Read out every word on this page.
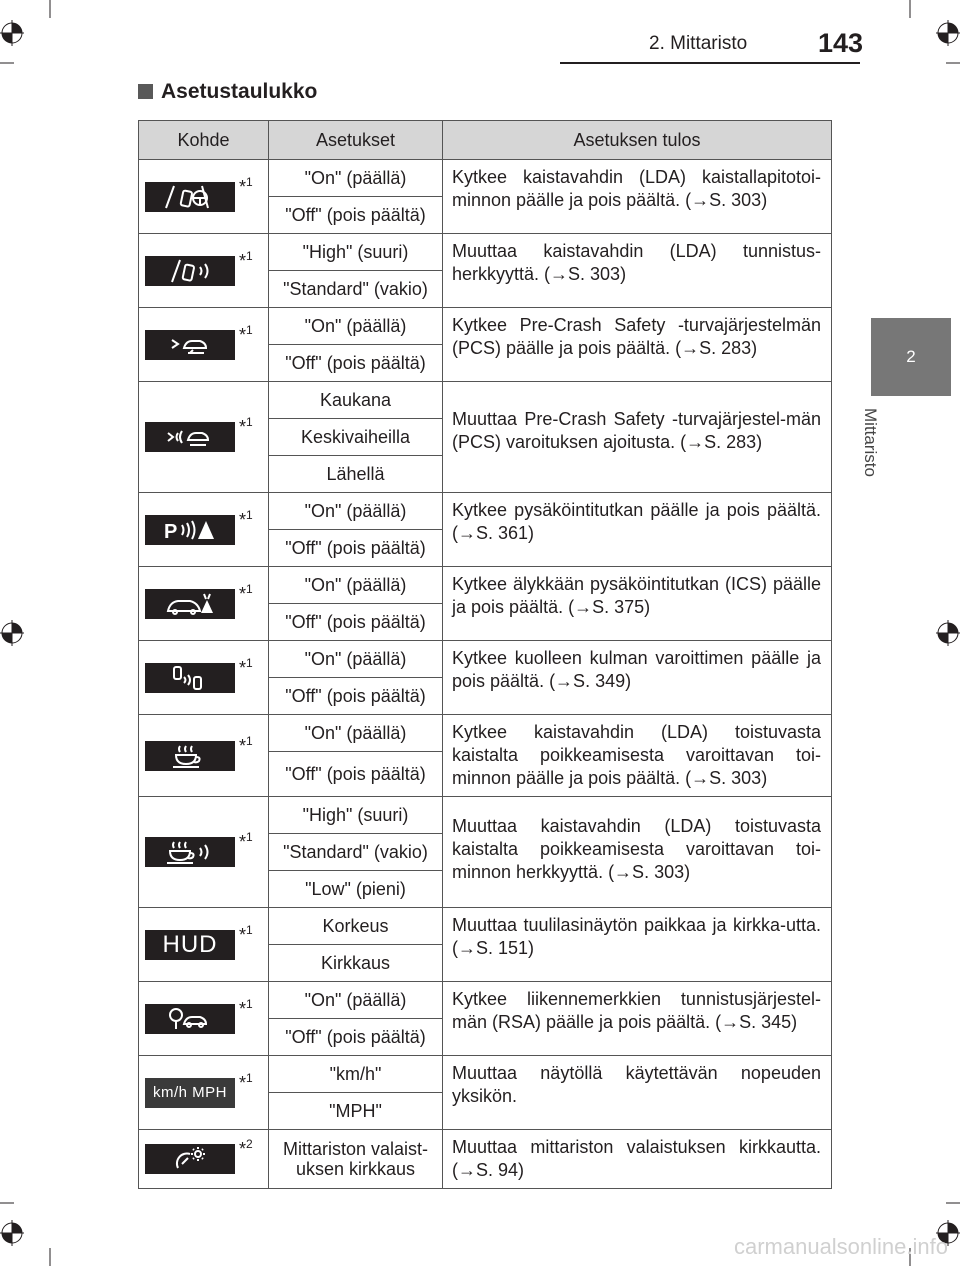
2. Mittaristo	143
2
Mittaristo
Asetustaulukko
Kohde	Asetukset	Asetuksen tulos

*$^1$	"On" (päällä)	Kytkee kaistavahdin (LDA) kaistallapitotoi-minnon päälle ja pois päältä. (→S. 303)

	"Off" (pois päältä)	

*$^1$	"High" (suuri)	Muuttaa kaistavahdin (LDA) tunnistus-herkkyyttä. (→S. 303)

	"Standard" (vakio)	

*$^1$	"On" (päällä)	Kytkee Pre-Crash Safety -turvajärjestelmän (PCS) päälle ja pois päältä. (→S. 283)

	"Off" (pois päältä)	

*$^1$	Kaukana	Muuttaa Pre-Crash Safety -turvajärjestel-män (PCS) varoituksen ajoitusta. (→S. 283)

	Keskivaiheilla	
	Lähellä	

P
*$^1$	"On" (päällä)	Kytkee pysäköintitutkan päälle ja pois päältä. (→S. 361)

	"Off" (pois päältä)	

*$^1$	"On" (päällä)	Kytkee älykkään pysäköintitutkan (ICS) päälle ja pois päältä. (→S. 375)

	"Off" (pois päältä)	

*$^1$	"On" (päällä)	Kytkee kuolleen kulman varoittimen päälle ja pois päältä. (→S. 349)

	"Off" (pois päältä)	

*$^1$	"On" (päällä)	Kytkee kaistavahdin (LDA) toistuvasta kaistalta poikkeamisesta varoittavan toi-minnon päälle ja pois päältä. (→S. 303)

	"Off" (pois päältä)	

*$^1$	"High" (suuri)	Muuttaa kaistavahdin (LDA) toistuvasta kaistalta poikkeamisesta varoittavan toi-minnon herkkyyttä. (→S. 303)

	"Standard" (vakio)	
	"Low" (pieni)	

HUD *$^1$	Korkeus	Muuttaa tuulilasinäytön paikkaa ja kirkka-utta. (→S. 151)

	Kirkkaus	

*$^1$	"On" (päällä)	Kytkee liikennemerkkien tunnistusjärjestel-män (RSA) päälle ja pois päältä. (→S. 345)

	"Off" (pois päältä)	

km/h MPH *$^1$	"km/h"	Muuttaa näytöllä käytettävän nopeuden yksikön.

	"MPH"	

*$^2$	Mittariston valaist-uksen kirkkaus	Muuttaa mittariston valaistuksen kirkkautta. (→S. 94)
carmanualsonline.info
